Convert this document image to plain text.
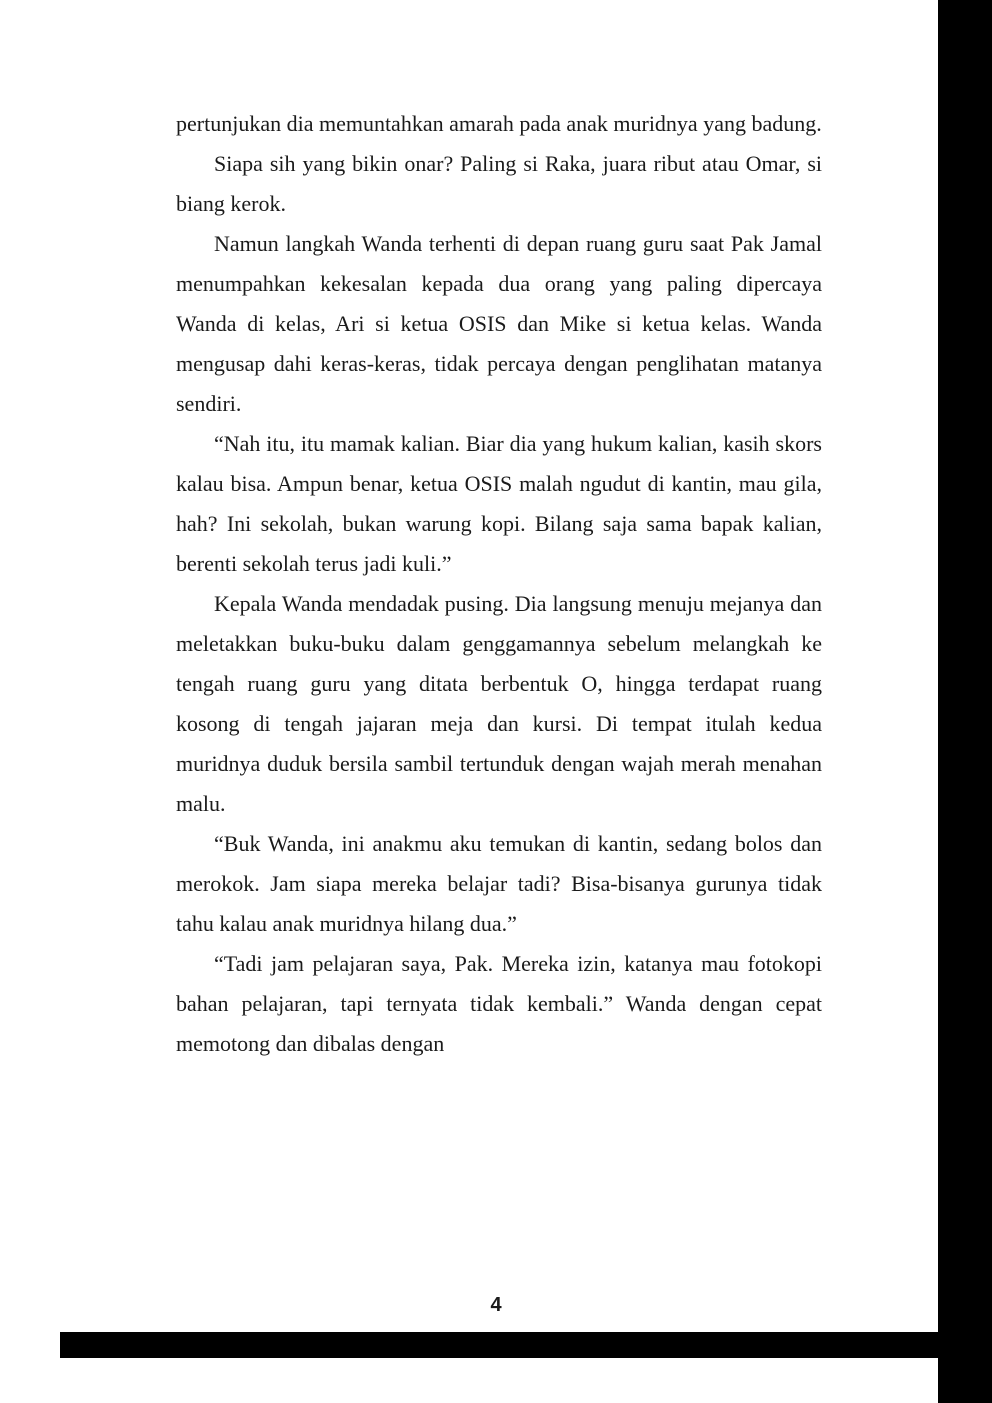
pertunjukan dia memuntahkan amarah pada anak muridnya yang badung.

Siapa sih yang bikin onar? Paling si Raka, juara ribut atau Omar, si biang kerok.

Namun langkah Wanda terhenti di depan ruang guru saat Pak Jamal menumpahkan kekesalan kepada dua orang yang paling dipercaya Wanda di kelas, Ari si ketua OSIS dan Mike si ketua kelas. Wanda mengusap dahi keras-keras, tidak percaya dengan penglihatan matanya sendiri.

“Nah itu, itu mamak kalian. Biar dia yang hukum kalian, kasih skors kalau bisa. Ampun benar, ketua OSIS malah ngudut di kantin, mau gila, hah? Ini sekolah, bukan warung kopi. Bilang saja sama bapak kalian, berenti sekolah terus jadi kuli.”

Kepala Wanda mendadak pusing. Dia langsung menuju mejanya dan meletakkan buku-buku dalam genggamannya sebelum melangkah ke tengah ruang guru yang ditata berbentuk O, hingga terdapat ruang kosong di tengah jajaran meja dan kursi. Di tempat itulah kedua muridnya duduk bersila sambil tertunduk dengan wajah merah menahan malu.

“Buk Wanda, ini anakmu aku temukan di kantin, sedang bolos dan merokok. Jam siapa mereka belajar tadi? Bisa-bisanya gurunya tidak tahu kalau anak muridnya hilang dua.”

“Tadi jam pelajaran saya, Pak. Mereka izin, katanya mau fotokopi bahan pelajaran, tapi ternyata tidak kembali.” Wanda dengan cepat memotong dan dibalas dengan

4
